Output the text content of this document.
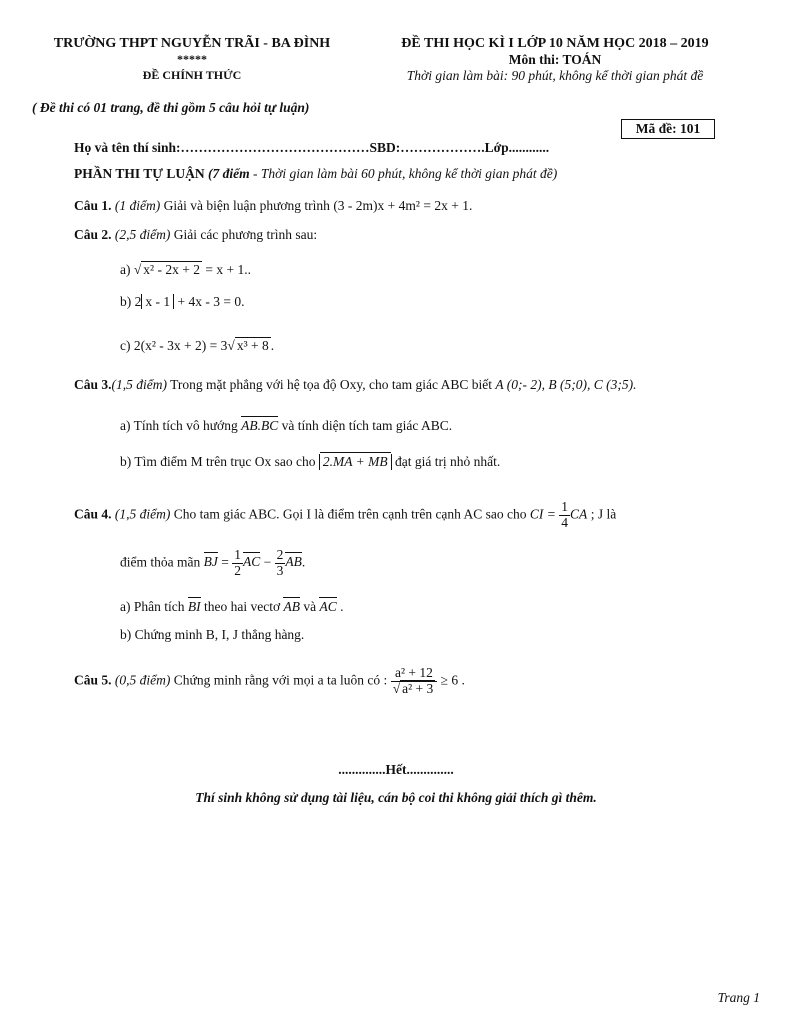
TRƯỜNG THPT NGUYỄN TRÃI - BA ĐÌNH
*****
ĐỀ CHÍNH THỨC
ĐỀ THI HỌC KÌ I LỚP 10 NĂM HỌC 2018 – 2019
Môn thi: TOÁN
Thời gian làm bài: 90 phút, không kể thời gian phát đề
( Đề thi có 01 trang, đề thi gồm 5 câu hỏi tự luận)
Mã đề: 101
Họ và tên thí sinh:……………………………………SBD:……………….Lớp............
PHẦN THI TỰ LUẬN (7 điểm - Thời gian làm bài 60 phút, không kể thời gian phát đề)
Câu 1. (1 điểm) Giải và biện luận phương trình (3 - 2m)x + 4m² = 2x + 1.
Câu 2. (2,5 điểm) Giải các phương trình sau:
a) √ x² - 2x + 2 = x + 1..
b) 2 x - 1 + 4x - 3 = 0.
c) 2(x² - 3x + 2) = 3√ x³ + 8 .
Câu 3.(1,5 điểm) Trong mặt phẳng với hệ tọa độ Oxy, cho tam giác ABC biết A (0;- 2), B (5;0), C (3;5).
a) Tính tích vô hướng AB.BC và tính diện tích tam giác ABC.
b) Tìm điểm M trên trục Ox sao cho 2.MA + MB đạt giá trị nhỏ nhất.
Câu 4. (1,5 điểm) Cho tam giác ABC. Gọi I là điểm trên cạnh trên cạnh AC sao cho CI = $\frac{1}{4}$ CA ; J là
điểm thỏa mãn BJ = $\frac{1}{2}$ AC − $\frac{2}{3}$ AB.
a) Phân tích BI theo hai vectơ AB và AC .
b) Chứng minh B, I, J thẳng hàng.
Câu 5. (0,5 điểm) Chứng minh rằng với mọi a ta luôn có : $\frac{\text{a² + 12}}{\text{√ a² + 3}} \ge 6$ .
..............Hết..............
Thí sinh không sử dụng tài liệu, cán bộ coi thi không giải thích gì thêm.
Trang 1
